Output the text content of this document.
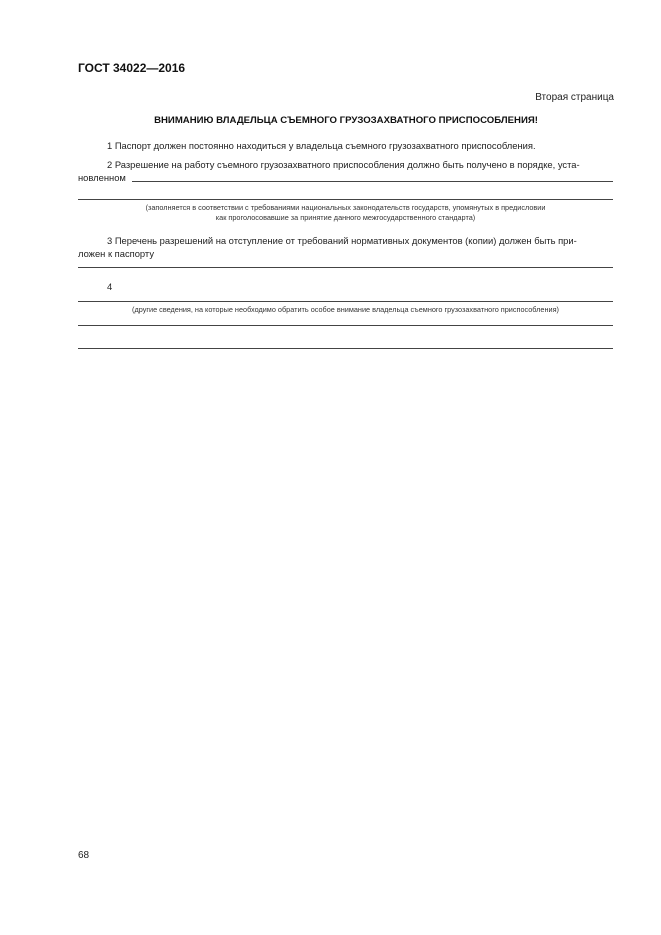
ГОСТ 34022—2016
Вторая страница
ВНИМАНИЮ ВЛАДЕЛЬЦА СЪЕМНОГО ГРУЗОЗАХВАТНОГО ПРИСПОСОБЛЕНИЯ!
1 Паспорт должен постоянно находиться у владельца съемного грузозахватного приспособления.
2 Разрешение на работу съемного грузозахватного приспособления должно быть получено в порядке, уста-
новленном
(заполняется в соответствии с требованиями национальных законодательств государств, упомянутых в предисловии
как проголосовавшие за принятие данного межгосударственного стандарта)
3 Перечень разрешений на отступление от требований нормативных документов (копии) должен быть при-
ложен к паспорту
4
(другие сведения, на которые необходимо обратить особое внимание владельца съемного грузозахватного приспособления)
68
